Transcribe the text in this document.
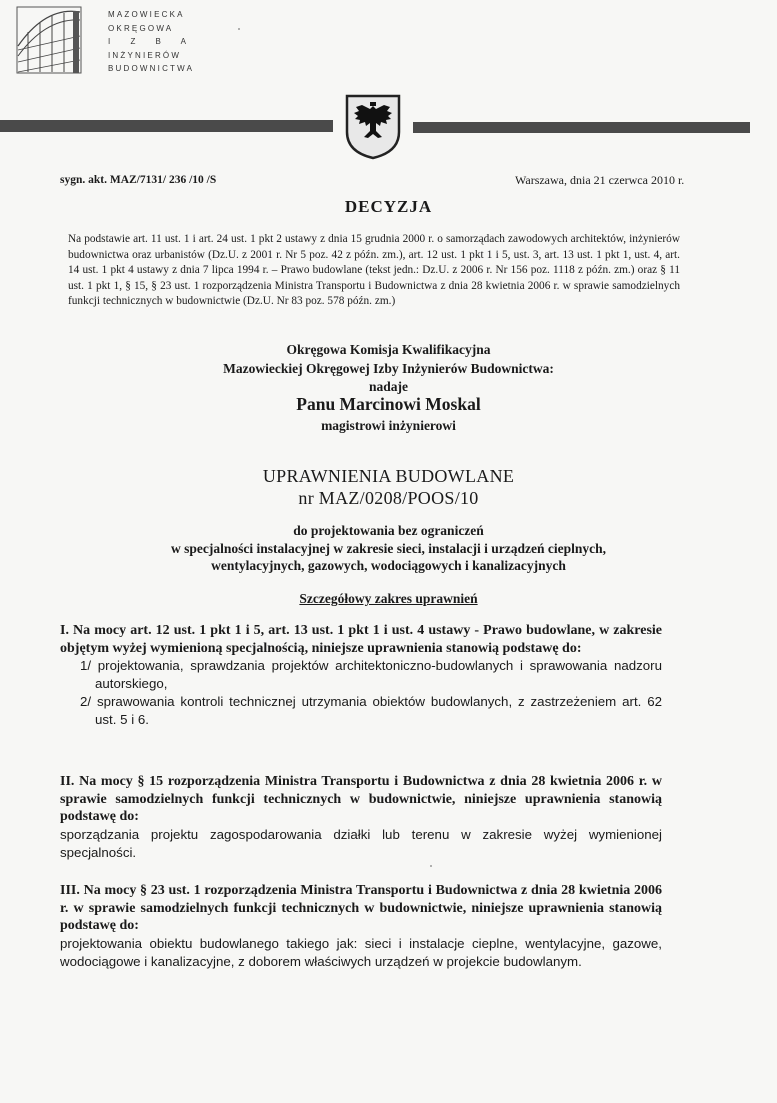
MAZOWIECKA
OKRĘGOWA
I Z B A
INŻYNIERÓW
BUDOWNICTWA
sygn. akt. MAZ/7131/ 236 /10 /S	Warszawa, dnia 21 czerwca 2010 r.
DECYZJA
Na podstawie art. 11 ust. 1 i art. 24 ust. 1 pkt 2 ustawy z dnia 15 grudnia 2000 r. o samorządach zawodowych architektów, inżynierów budownictwa oraz urbanistów (Dz.U. z 2001 r. Nr 5 poz. 42 z późn. zm.), art. 12 ust. 1 pkt 1 i 5, ust. 3, art. 13 ust. 1 pkt 1, ust. 4, art. 14 ust. 1 pkt 4 ustawy z dnia 7 lipca 1994 r. – Prawo budowlane (tekst jedn.: Dz.U. z 2006 r. Nr 156 poz. 1118 z późn. zm.) oraz § 11 ust. 1 pkt 1, § 15, § 23 ust. 1 rozporządzenia Ministra Transportu i Budownictwa z dnia 28 kwietnia 2006 r. w sprawie samodzielnych funkcji technicznych w budownictwie (Dz.U. Nr 83 poz. 578 późn. zm.)
Okręgowa Komisja Kwalifikacyjna
Mazowieckiej Okręgowej Izby Inżynierów Budownictwa:
nadaje
Panu Marcinowi Moskal
magistrowi inżynierowi
UPRAWNIENIA BUDOWLANE
nr MAZ/0208/POOS/10
do projektowania bez ograniczeń
w specjalności instalacyjnej w zakresie sieci, instalacji i urządzeń cieplnych,
wentylacyjnych, gazowych, wodociągowych i kanalizacyjnych
Szczegółowy zakres uprawnień
I. Na mocy art. 12 ust. 1 pkt 1 i 5, art. 13 ust. 1 pkt 1 i ust. 4 ustawy - Prawo budowlane, w zakresie objętym wyżej wymienioną specjalnością, niniejsze uprawnienia stanowią podstawę do:
1/ projektowania, sprawdzania projektów architektoniczno-budowlanych i sprawowania nadzoru autorskiego,
2/ sprawowania kontroli technicznej utrzymania obiektów budowlanych, z zastrzeżeniem art. 62 ust. 5 i 6.
II. Na mocy § 15 rozporządzenia Ministra Transportu i Budownictwa z dnia 28 kwietnia 2006 r. w sprawie samodzielnych funkcji technicznych w budownictwie, niniejsze uprawnienia stanowią podstawę do:
sporządzania projektu zagospodarowania działki lub terenu w zakresie wyżej wymienionej specjalności.
III. Na mocy § 23 ust. 1 rozporządzenia Ministra Transportu i Budownictwa z dnia 28 kwietnia 2006 r. w sprawie samodzielnych funkcji technicznych w budownictwie, niniejsze uprawnienia stanowią podstawę do:
projektowania obiektu budowlanego takiego jak: sieci i instalacje cieplne, wentylacyjne, gazowe, wodociągowe i kanalizacyjne, z doborem właściwych urządzeń w projekcie budowlanym.
